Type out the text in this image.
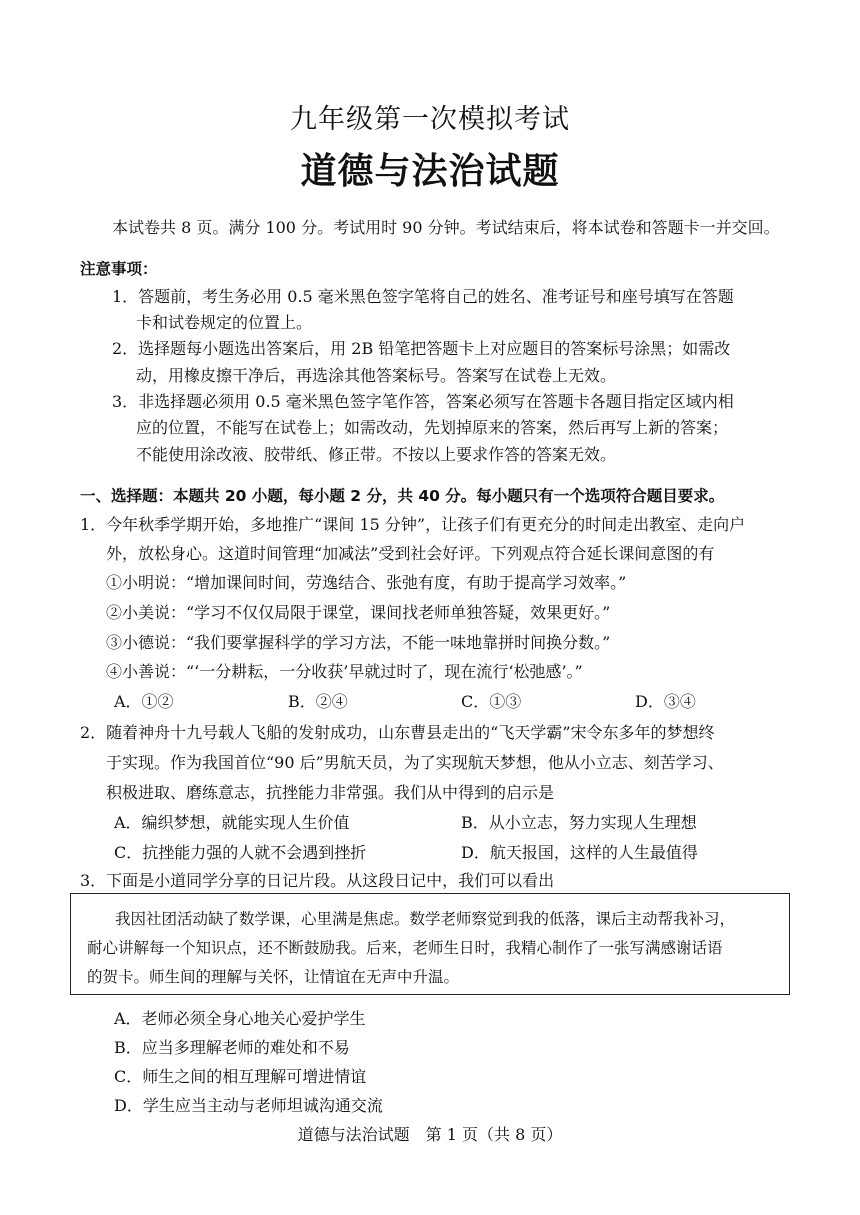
九年级第一次模拟考试
道德与法治试题
本试卷共 8 页。满分 100 分。考试用时 90 分钟。考试结束后，将本试卷和答题卡一并交回。
注意事项：
1．答题前，考生务必用 0.5 毫米黑色签字笔将自己的姓名、准考证号和座号填写在答题
卡和试卷规定的位置上。
2．选择题每小题选出答案后，用 2B 铅笔把答题卡上对应题目的答案标号涂黑；如需改
动，用橡皮擦干净后，再选涂其他答案标号。答案写在试卷上无效。
3．非选择题必须用 0.5 毫米黑色签字笔作答，答案必须写在答题卡各题目指定区域内相
应的位置，不能写在试卷上；如需改动，先划掉原来的答案，然后再写上新的答案；
不能使用涂改液、胶带纸、修正带。不按以上要求作答的答案无效。
一、选择题：本题共 20 小题，每小题 2 分，共 40 分。每小题只有一个选项符合题目要求。
1．今年秋季学期开始，多地推广“课间 15 分钟”，让孩子们有更充分的时间走出教室、走向户
外，放松身心。这道时间管理“加减法”受到社会好评。下列观点符合延长课间意图的有
①小明说：“增加课间时间，劳逸结合、张弛有度，有助于提高学习效率。”
②小美说：“学习不仅仅局限于课堂，课间找老师单独答疑，效果更好。”
③小德说：“我们要掌握科学的学习方法，不能一味地靠拼时间换分数。”
④小善说：“‘一分耕耘，一分收获’早就过时了，现在流行‘松弛感’。”
A．①②	B．②④	C．①③	D．③④
2．随着神舟十九号载人飞船的发射成功，山东曹县走出的“飞天学霸”宋令东多年的梦想终
于实现。作为我国首位“90 后”男航天员，为了实现航天梦想，他从小立志、刻苦学习、
积极进取、磨练意志，抗挫能力非常强。我们从中得到的启示是
A．编织梦想，就能实现人生价值	B．从小立志，努力实现人生理想
C．抗挫能力强的人就不会遇到挫折	D．航天报国，这样的人生最值得
3．下面是小道同学分享的日记片段。从这段日记中，我们可以看出
我因社团活动缺了数学课，心里满是焦虑。数学老师察觉到我的低落，课后主动帮我补习，
耐心讲解每一个知识点，还不断鼓励我。后来，老师生日时，我精心制作了一张写满感谢话语
的贺卡。师生间的理解与关怀，让情谊在无声中升温。
A．老师必须全身心地关心爱护学生
B．应当多理解老师的难处和不易
C．师生之间的相互理解可增进情谊
D．学生应当主动与老师坦诚沟通交流
道德与法治试题　第 1 页（共 8 页）
